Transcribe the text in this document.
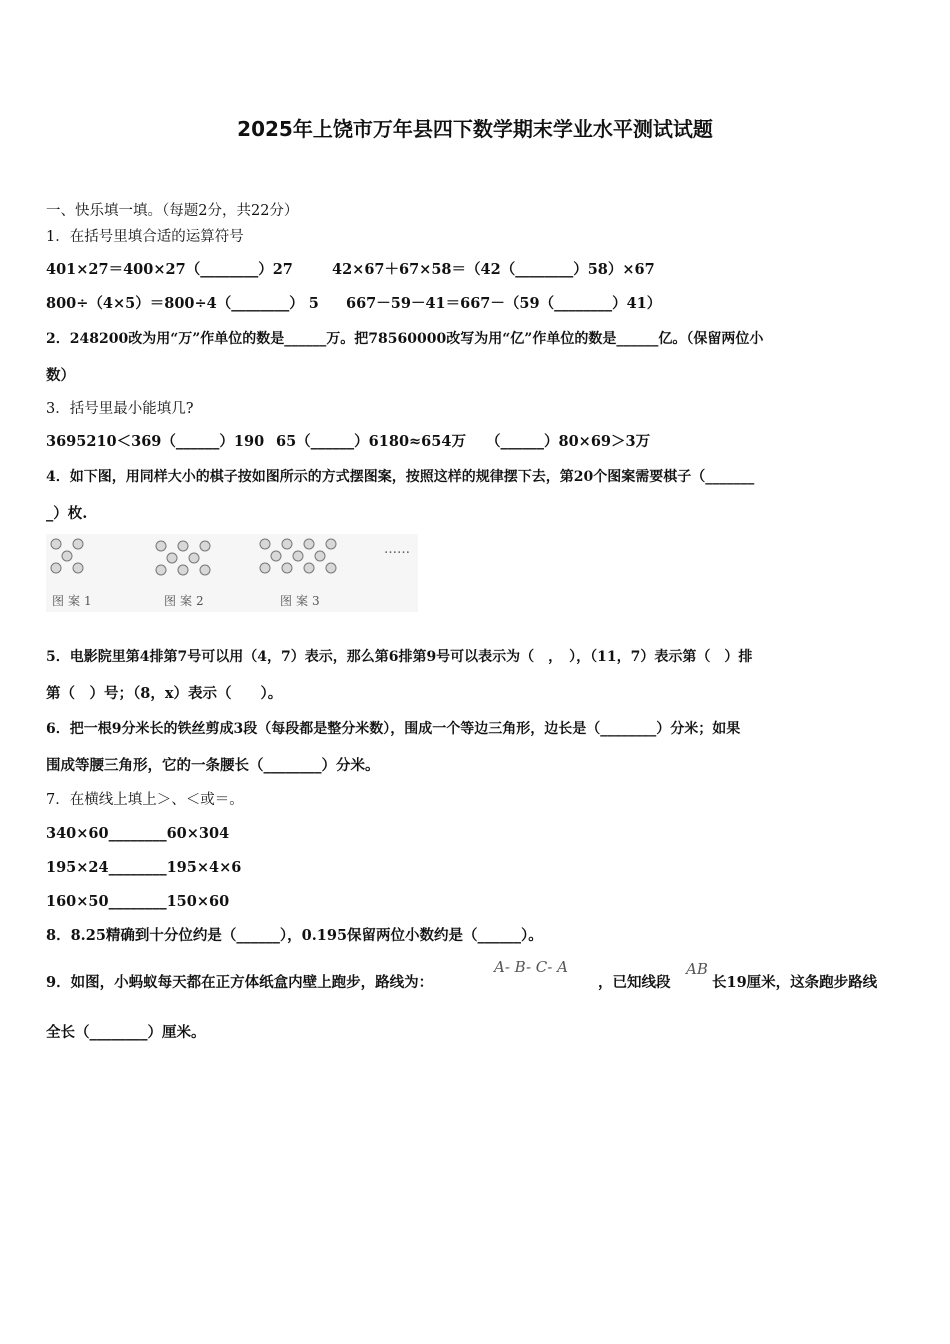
2025年上饶市万年县四下数学期末学业水平测试试题
一、快乐填一填。（每题2分，共22分）
1．在括号里填合适的运算符号
401×27＝400×27（________）27	42×67＋67×58＝（42（________）58）×67
800÷（4×5）＝800÷4（________） 5 667－59－41＝667－（59（________）41）
2．248200改为用“万”作单位的数是______万。把78560000改写为用“亿”作单位的数是______亿。（保留两位小
数）
3．括号里最小能填几?
3695210＜369（______）190 65（______）6180≈654万 （______）80×69＞3万
4．如下图，用同样大小的棋子按如图所示的方式摆图案，按照这样的规律摆下去，第20个图案需要棋子（_______
_）枚.
图案1	图案2	图案3
……
5．电影院里第4排第7号可以用（4，7）表示，那么第6排第9号可以表示为（　，　），（11，7）表示第（　）排
第（　）号；（8，x）表示（　　）。
6．把一根9分米长的铁丝剪成3段（每段都是整分米数），围成一个等边三角形，边长是（________）分米；如果
围成等腰三角形，它的一条腰长（________）分米。
7．在横线上填上＞、＜或＝。
340×60________60×304
195×24________195×4×6
160×50________150×60
8．8.25精确到十分位约是（______），0.195保留两位小数约是（______）。
9．如图，小蚂蚁每天都在正方体纸盒内壁上跑步，路线为：
A- B- C- A
，已知线段
AB
长19厘米，这条跑步路线
全长（________）厘米。
